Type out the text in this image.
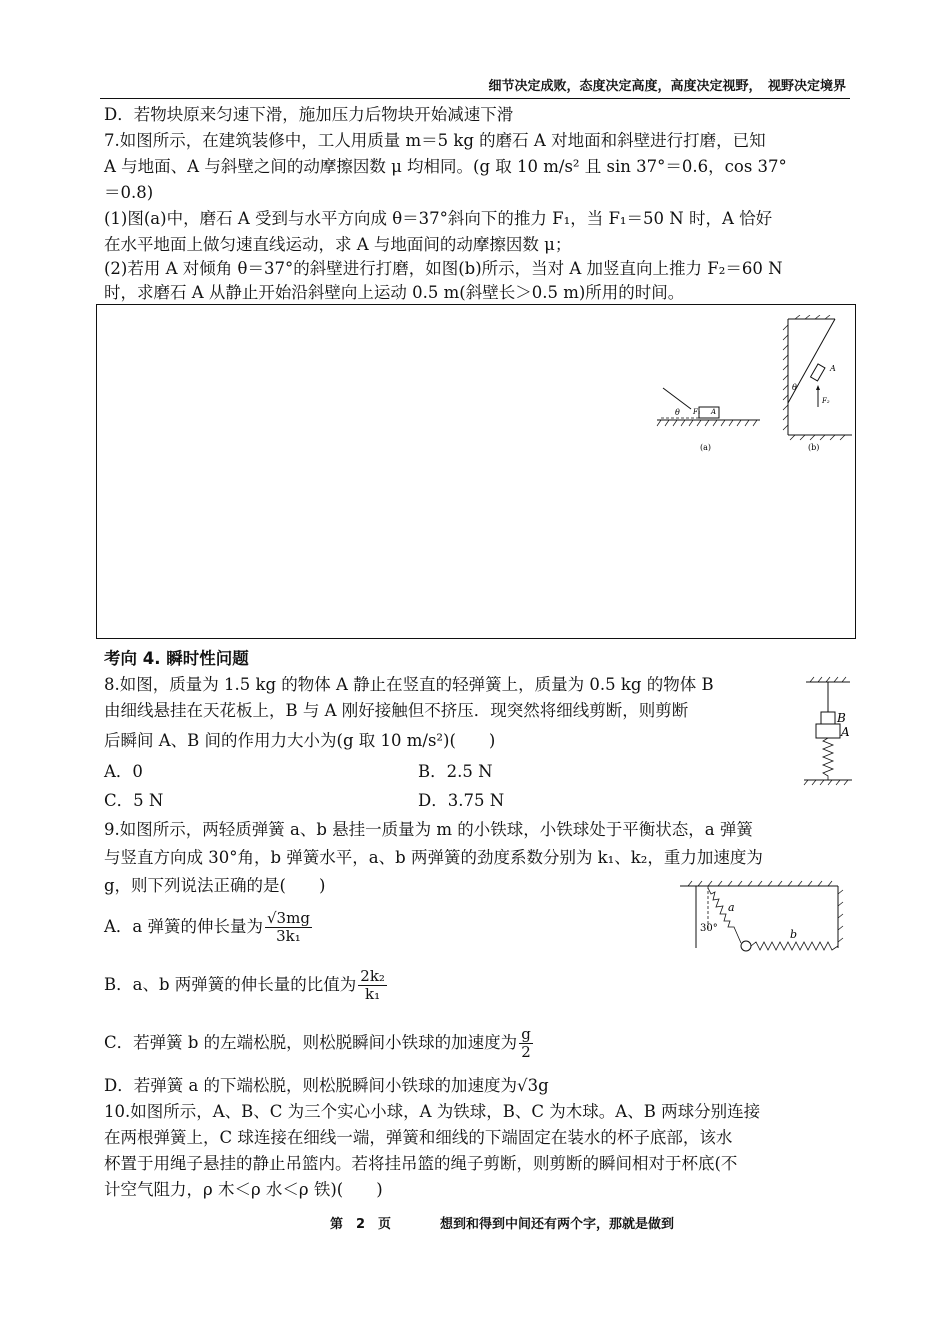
细节决定成败，态度决定高度，高度决定视野，　视野决定境界
D．若物块原来匀速下滑，施加压力后物块开始减速下滑
7.如图所示，在建筑装修中，工人用质量 m＝5 kg 的磨石 A 对地面和斜壁进行打磨，已知
A 与地面、A 与斜壁之间的动摩擦因数 μ 均相同。(g 取 10 m/s² 且 sin 37°＝0.6，cos 37°
＝0.8)
(1)图(a)中，磨石 A 受到与水平方向成 θ＝37°斜向下的推力 F₁，当 F₁＝50 N 时，A 恰好
在水平地面上做匀速直线运动，求 A 与地面间的动摩擦因数 μ；
(2)若用 A 对倾角 θ＝37°的斜壁进行打磨，如图(b)所示，当对 A 加竖直向上推力 F₂＝60 N
时，求磨石 A 从静止开始沿斜壁向上运动 0.5 m(斜壁长＞0.5 m)所用的时间。
θ F₁ A
(a)
θ
A
F₂
(b)
考向 4. 瞬时性问题
8.如图，质量为 1.5 kg 的物体 A 静止在竖直的轻弹簧上，质量为 0.5 kg 的物体 B
由细线悬挂在天花板上，B 与 A 刚好接触但不挤压．现突然将细线剪断，则剪断
后瞬间 A、B 间的作用力大小为(g 取 10 m/s²)(　　)
A．0	B．2.5 N
C．5 N	D．3.75 N
B
A
9.如图所示，两轻质弹簧 a、b 悬挂一质量为 m 的小铁球，小铁球处于平衡状态，a 弹簧
与竖直方向成 30°角，b 弹簧水平，a、b 两弹簧的劲度系数分别为 k₁、k₂，重力加速度为
g，则下列说法正确的是(　　)
a
30°	b
A．a 弹簧的伸长量为 $\frac{√3mg}{\text{3k₁}}$
B．a、b 两弹簧的伸长量的比值为 $\frac{\text{2k₂}}{\text{k₁}}$
C．若弹簧 b 的左端松脱，则松脱瞬间小铁球的加速度为 $\frac{g}{2}$
D．若弹簧 a 的下端松脱，则松脱瞬间小铁球的加速度为√3g
10.如图所示，A、B、C 为三个实心小球，A 为铁球，B、C 为木球。A、B 两球分别连接
在两根弹簧上，C 球连接在细线一端，弹簧和细线的下端固定在装水的杯子底部，该水
杯置于用绳子悬挂的静止吊篮内。若将挂吊篮的绳子剪断，则剪断的瞬间相对于杯底(不
计空气阻力，ρ 木＜ρ 水＜ρ 铁)(　　)
第　2　页	想到和得到中间还有两个字，那就是做到
